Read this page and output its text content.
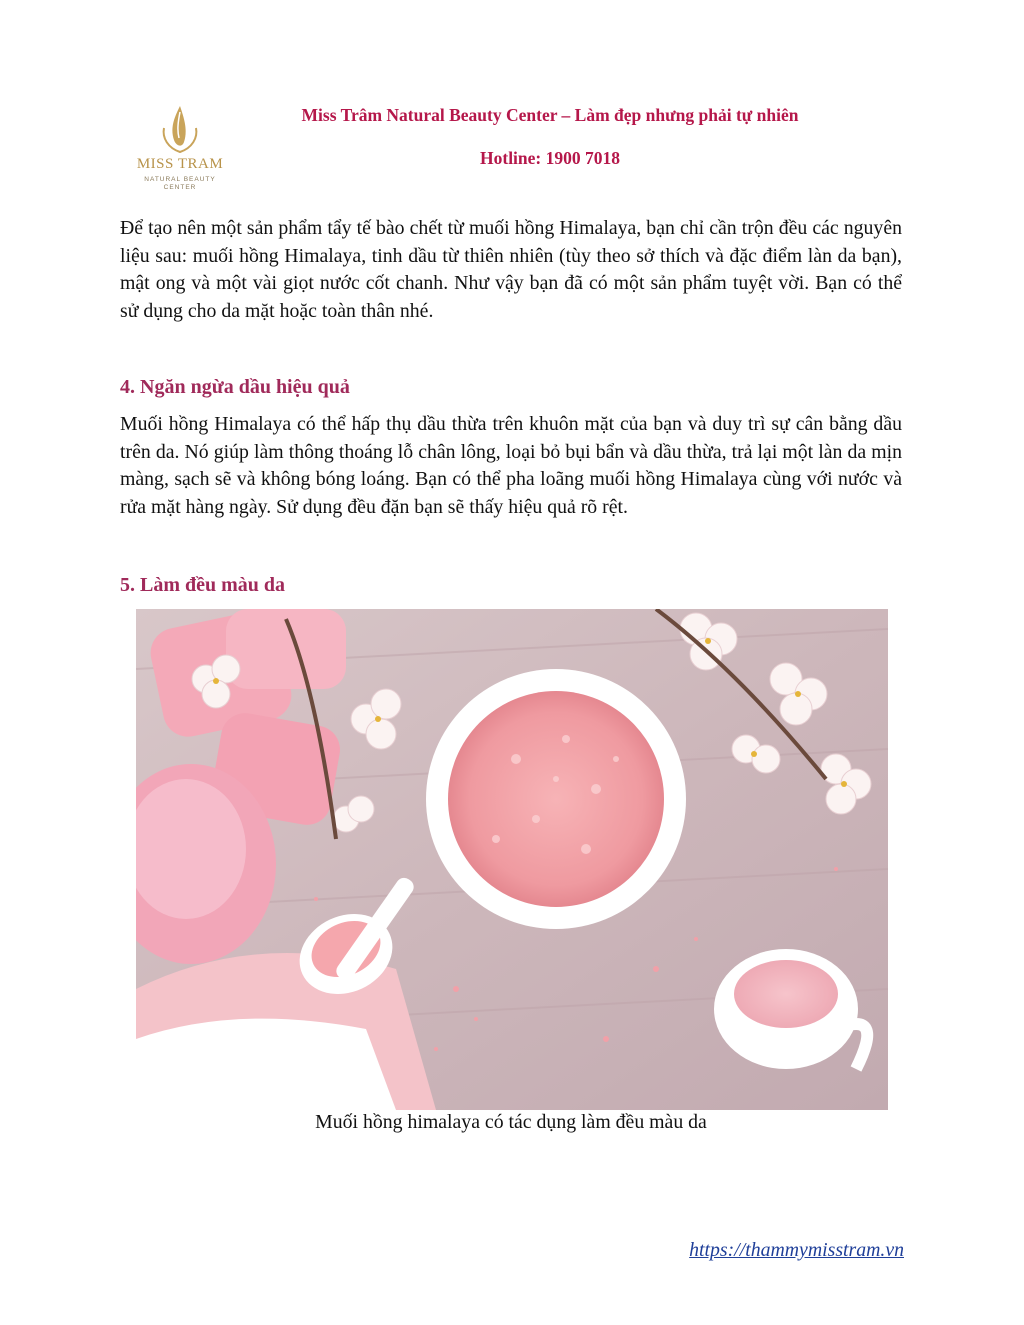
MISS TRAM
NATURAL BEAUTY CENTER
Miss Trâm Natural Beauty Center – Làm đẹp nhưng phải tự nhiên
Hotline: 1900 7018

Để tạo nên một sản phẩm tẩy tế bào chết từ muối hồng Himalaya, bạn chỉ cần trộn đều các nguyên liệu sau: muối hồng Himalaya, tinh dầu từ thiên nhiên (tùy theo sở thích và đặc điểm làn da bạn), mật ong và một vài giọt nước cốt chanh. Như vậy bạn đã có một sản phẩm tuyệt vời. Bạn có thể sử dụng cho da mặt hoặc toàn thân nhé.

4. Ngăn ngừa dầu hiệu quả

Muối hồng Himalaya có thể hấp thụ dầu thừa trên khuôn mặt của bạn và duy trì sự cân bằng dầu trên da. Nó giúp làm thông thoáng lỗ chân lông, loại bỏ bụi bẩn và dầu thừa, trả lại một làn da mịn màng, sạch sẽ và không bóng loáng. Bạn có thể pha loãng muối hồng Himalaya cùng với nước và rửa mặt hàng ngày. Sử dụng đều đặn bạn sẽ thấy hiệu quả rõ rệt.

5. Làm đều màu da
Muối hồng himalaya có tác dụng làm đều màu da
https://thammymisstram.vn
